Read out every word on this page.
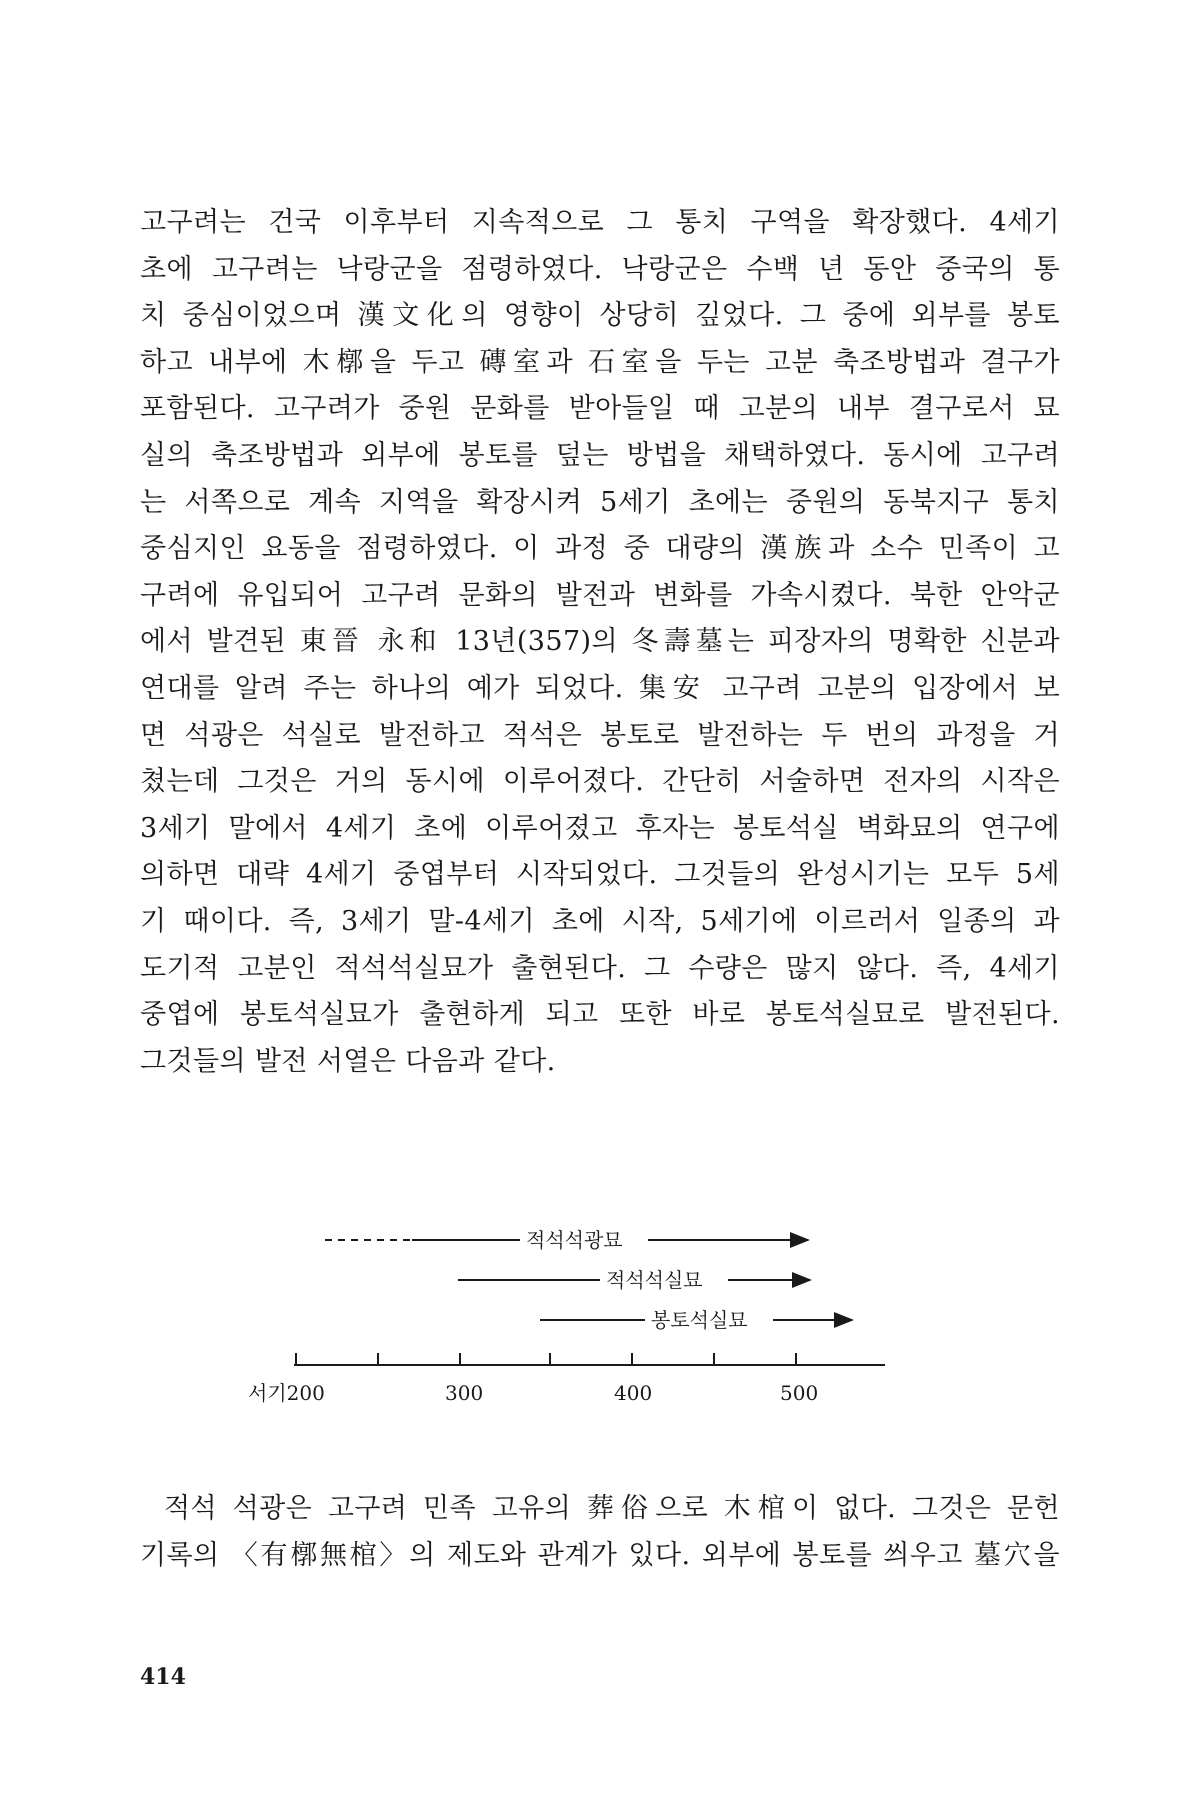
고구려는 건국 이후부터 지속적으로 그 통치 구역을 확장했다. 4세기
초에 고구려는 낙랑군을 점령하였다. 낙랑군은 수백 년 동안 중국의 통
치 중심이었으며 漢文化의 영향이 상당히 깊었다. 그 중에 외부를 봉토
하고 내부에 木槨을 두고 磚室과 石室을 두는 고분 축조방법과 결구가
포함된다. 고구려가 중원 문화를 받아들일 때 고분의 내부 결구로서 묘
실의 축조방법과 외부에 봉토를 덮는 방법을 채택하였다. 동시에 고구려
는 서쪽으로 계속 지역을 확장시켜 5세기 초에는 중원의 동북지구 통치
중심지인 요동을 점령하였다. 이 과정 중 대량의 漢族과 소수 민족이 고
구려에 유입되어 고구려 문화의 발전과 변화를 가속시켰다. 북한 안악군
에서 발견된 東晉 永和 13년(357)의 冬壽墓는 피장자의 명확한 신분과
연대를 알려 주는 하나의 예가 되었다. 集安 고구려 고분의 입장에서 보
면 석광은 석실로 발전하고 적석은 봉토로 발전하는 두 번의 과정을 거
쳤는데 그것은 거의 동시에 이루어졌다. 간단히 서술하면 전자의 시작은
3세기 말에서 4세기 초에 이루어졌고 후자는 봉토석실 벽화묘의 연구에
의하면 대략 4세기 중엽부터 시작되었다. 그것들의 완성시기는 모두 5세
기 때이다. 즉, 3세기 말-4세기 초에 시작, 5세기에 이르러서 일종의 과
도기적 고분인 적석석실묘가 출현된다. 그 수량은 많지 않다. 즉, 4세기
중엽에 봉토석실묘가 출현하게 되고 또한 바로 봉토석실묘로 발전된다.
그것들의 발전 서열은 다음과 같다.

적석석광묘
적석석실묘
봉토석실묘
서기200	300	400	500

적석 석광은 고구려 민족 고유의 葬俗으로 木棺이 없다. 그것은 문헌
기록의 〈有槨無棺〉의 제도와 관계가 있다. 외부에 봉토를 씌우고 墓穴을

414
